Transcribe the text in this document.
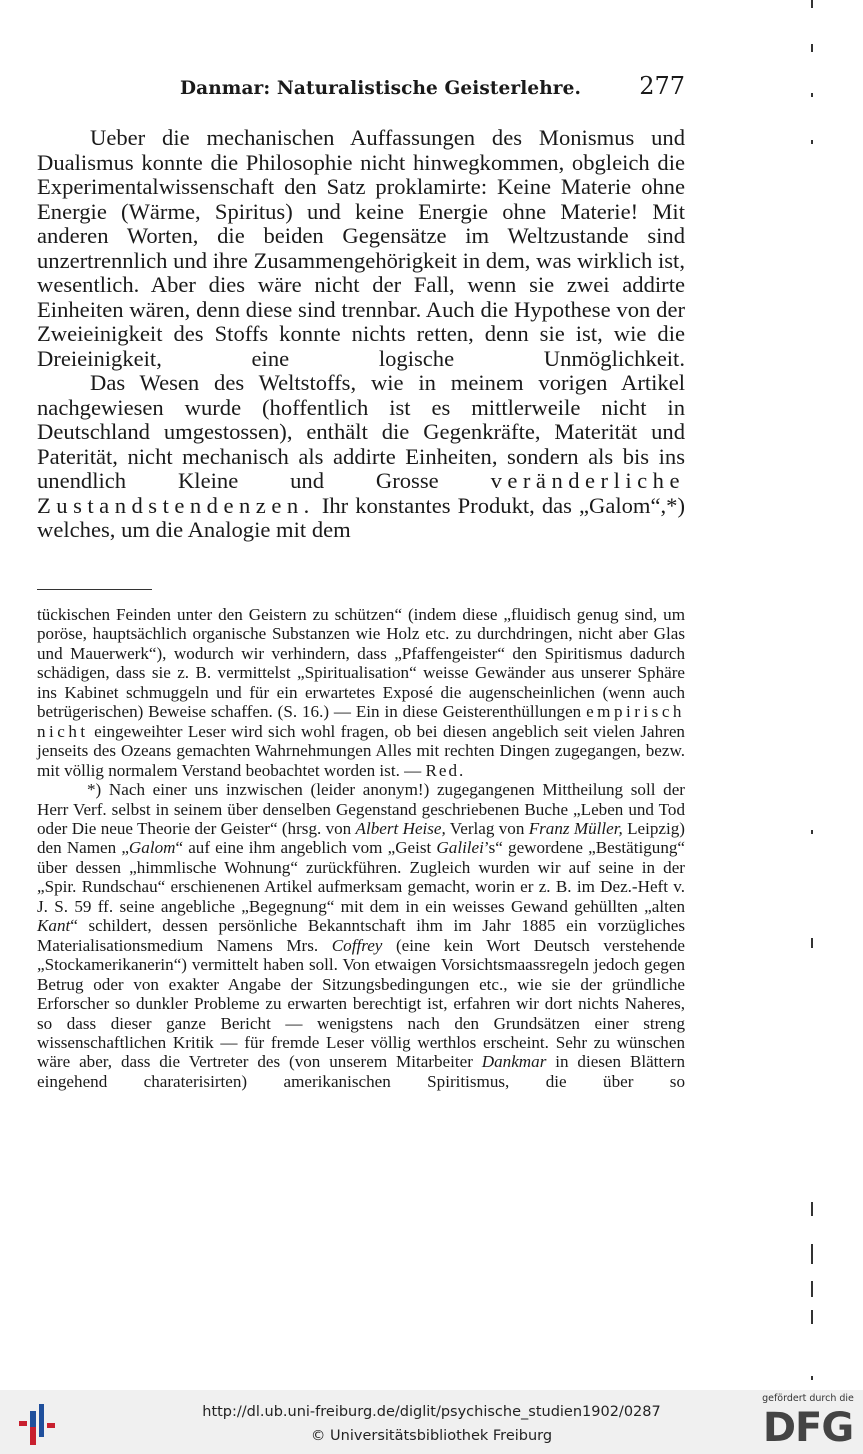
Danmar: Naturalistische Geisterlehre. 277

Ueber die mechanischen Auffassungen des Monismus und Dualismus konnte die Philosophie nicht hinwegkommen, obgleich die Experimentalwissenschaft den Satz proklamirte: Keine Materie ohne Energie (Wärme, Spiritus) und keine Energie ohne Materie! Mit anderen Worten, die beiden Gegensätze im Weltzustande sind unzertrennlich und ihre Zusammengehörigkeit in dem, was wirklich ist, wesentlich. Aber dies wäre nicht der Fall, wenn sie zwei addirte Einheiten wären, denn diese sind trennbar. Auch die Hypothese von der Zweieinigkeit des Stoffs konnte nichts retten, denn sie ist, wie die Dreieinigkeit, eine logische Unmöglichkeit.

Das Wesen des Weltstoffs, wie in meinem vorigen Artikel nachgewiesen wurde (hoffentlich ist es mittlerweile nicht in Deutschland umgestossen), enthält die Gegenkräfte, Materität und Paterität, nicht mechanisch als addirte Einheiten, sondern als bis ins unendlich Kleine und Grosse veränderliche Zustandstendenzen. Ihr konstantes Produkt, das „Galom“,*) welches, um die Analogie mit dem

tückischen Feinden unter den Geistern zu schützen“ (indem diese „fluidisch genug sind, um poröse, hauptsächlich organische Substanzen wie Holz etc. zu durchdringen, nicht aber Glas und Mauerwerk“), wodurch wir verhindern, dass „Pfaffengeister“ den Spiritismus dadurch schädigen, dass sie z. B. vermittelst „Spiritualisation“ weisse Gewänder aus unserer Sphäre ins Kabinet schmuggeln und für ein erwartetes Exposé die augenscheinlichen (wenn auch betrügerischen) Beweise schaffen. (S. 16.) — Ein in diese Geisterenthüllungen empirisch nicht eingeweihter Leser wird sich wohl fragen, ob bei diesen angeblich seit vielen Jahren jenseits des Ozeans gemachten Wahrnehmungen Alles mit rechten Dingen zugegangen, bezw. mit völlig normalem Verstand beobachtet worden ist. — Red.

*) Nach einer uns inzwischen (leider anonym!) zugegangenen Mittheilung soll der Herr Verf. selbst in seinem über denselben Gegenstand geschriebenen Buche „Leben und Tod oder Die neue Theorie der Geister“ (hrsg. von Albert Heise, Verlag von Franz Müller, Leipzig) den Namen „Galom“ auf eine ihm angeblich vom „Geist Galilei’s“ gewordene „Bestätigung“ über dessen „himmlische Wohnung“ zurückführen. Zugleich wurden wir auf seine in der „Spir. Rundschau“ erschienenen Artikel aufmerksam gemacht, worin er z. B. im Dez.-Heft v. J. S. 59 ff. seine angebliche „Begegnung“ mit dem in ein weisses Gewand gehüllten „alten Kant“ schildert, dessen persönliche Bekanntschaft ihm im Jahr 1885 ein vorzügliches Materialisationsmedium Namens Mrs. Coffrey (eine kein Wort Deutsch verstehende „Stockamerikanerin“) vermittelt haben soll. Von etwaigen Vorsichtsmaassregeln jedoch gegen Betrug oder von exakter Angabe der Sitzungsbedingungen etc., wie sie der gründliche Erforscher so dunkler Probleme zu erwarten berechtigt ist, erfahren wir dort nichts Naheres, so dass dieser ganze Bericht — wenigstens nach den Grundsätzen einer streng wissenschaftlichen Kritik — für fremde Leser völlig werthlos erscheint. Sehr zu wünschen wäre aber, dass die Vertreter des (von unserem Mitarbeiter Dankmar in diesen Blättern eingehend charaterisirten) amerikanischen Spiritismus, die über so

http://dl.ub.uni-freiburg.de/diglit/psychische_studien1902/0287
© Universitätsbibliothek Freiburg
gefördert durch die
DFG
